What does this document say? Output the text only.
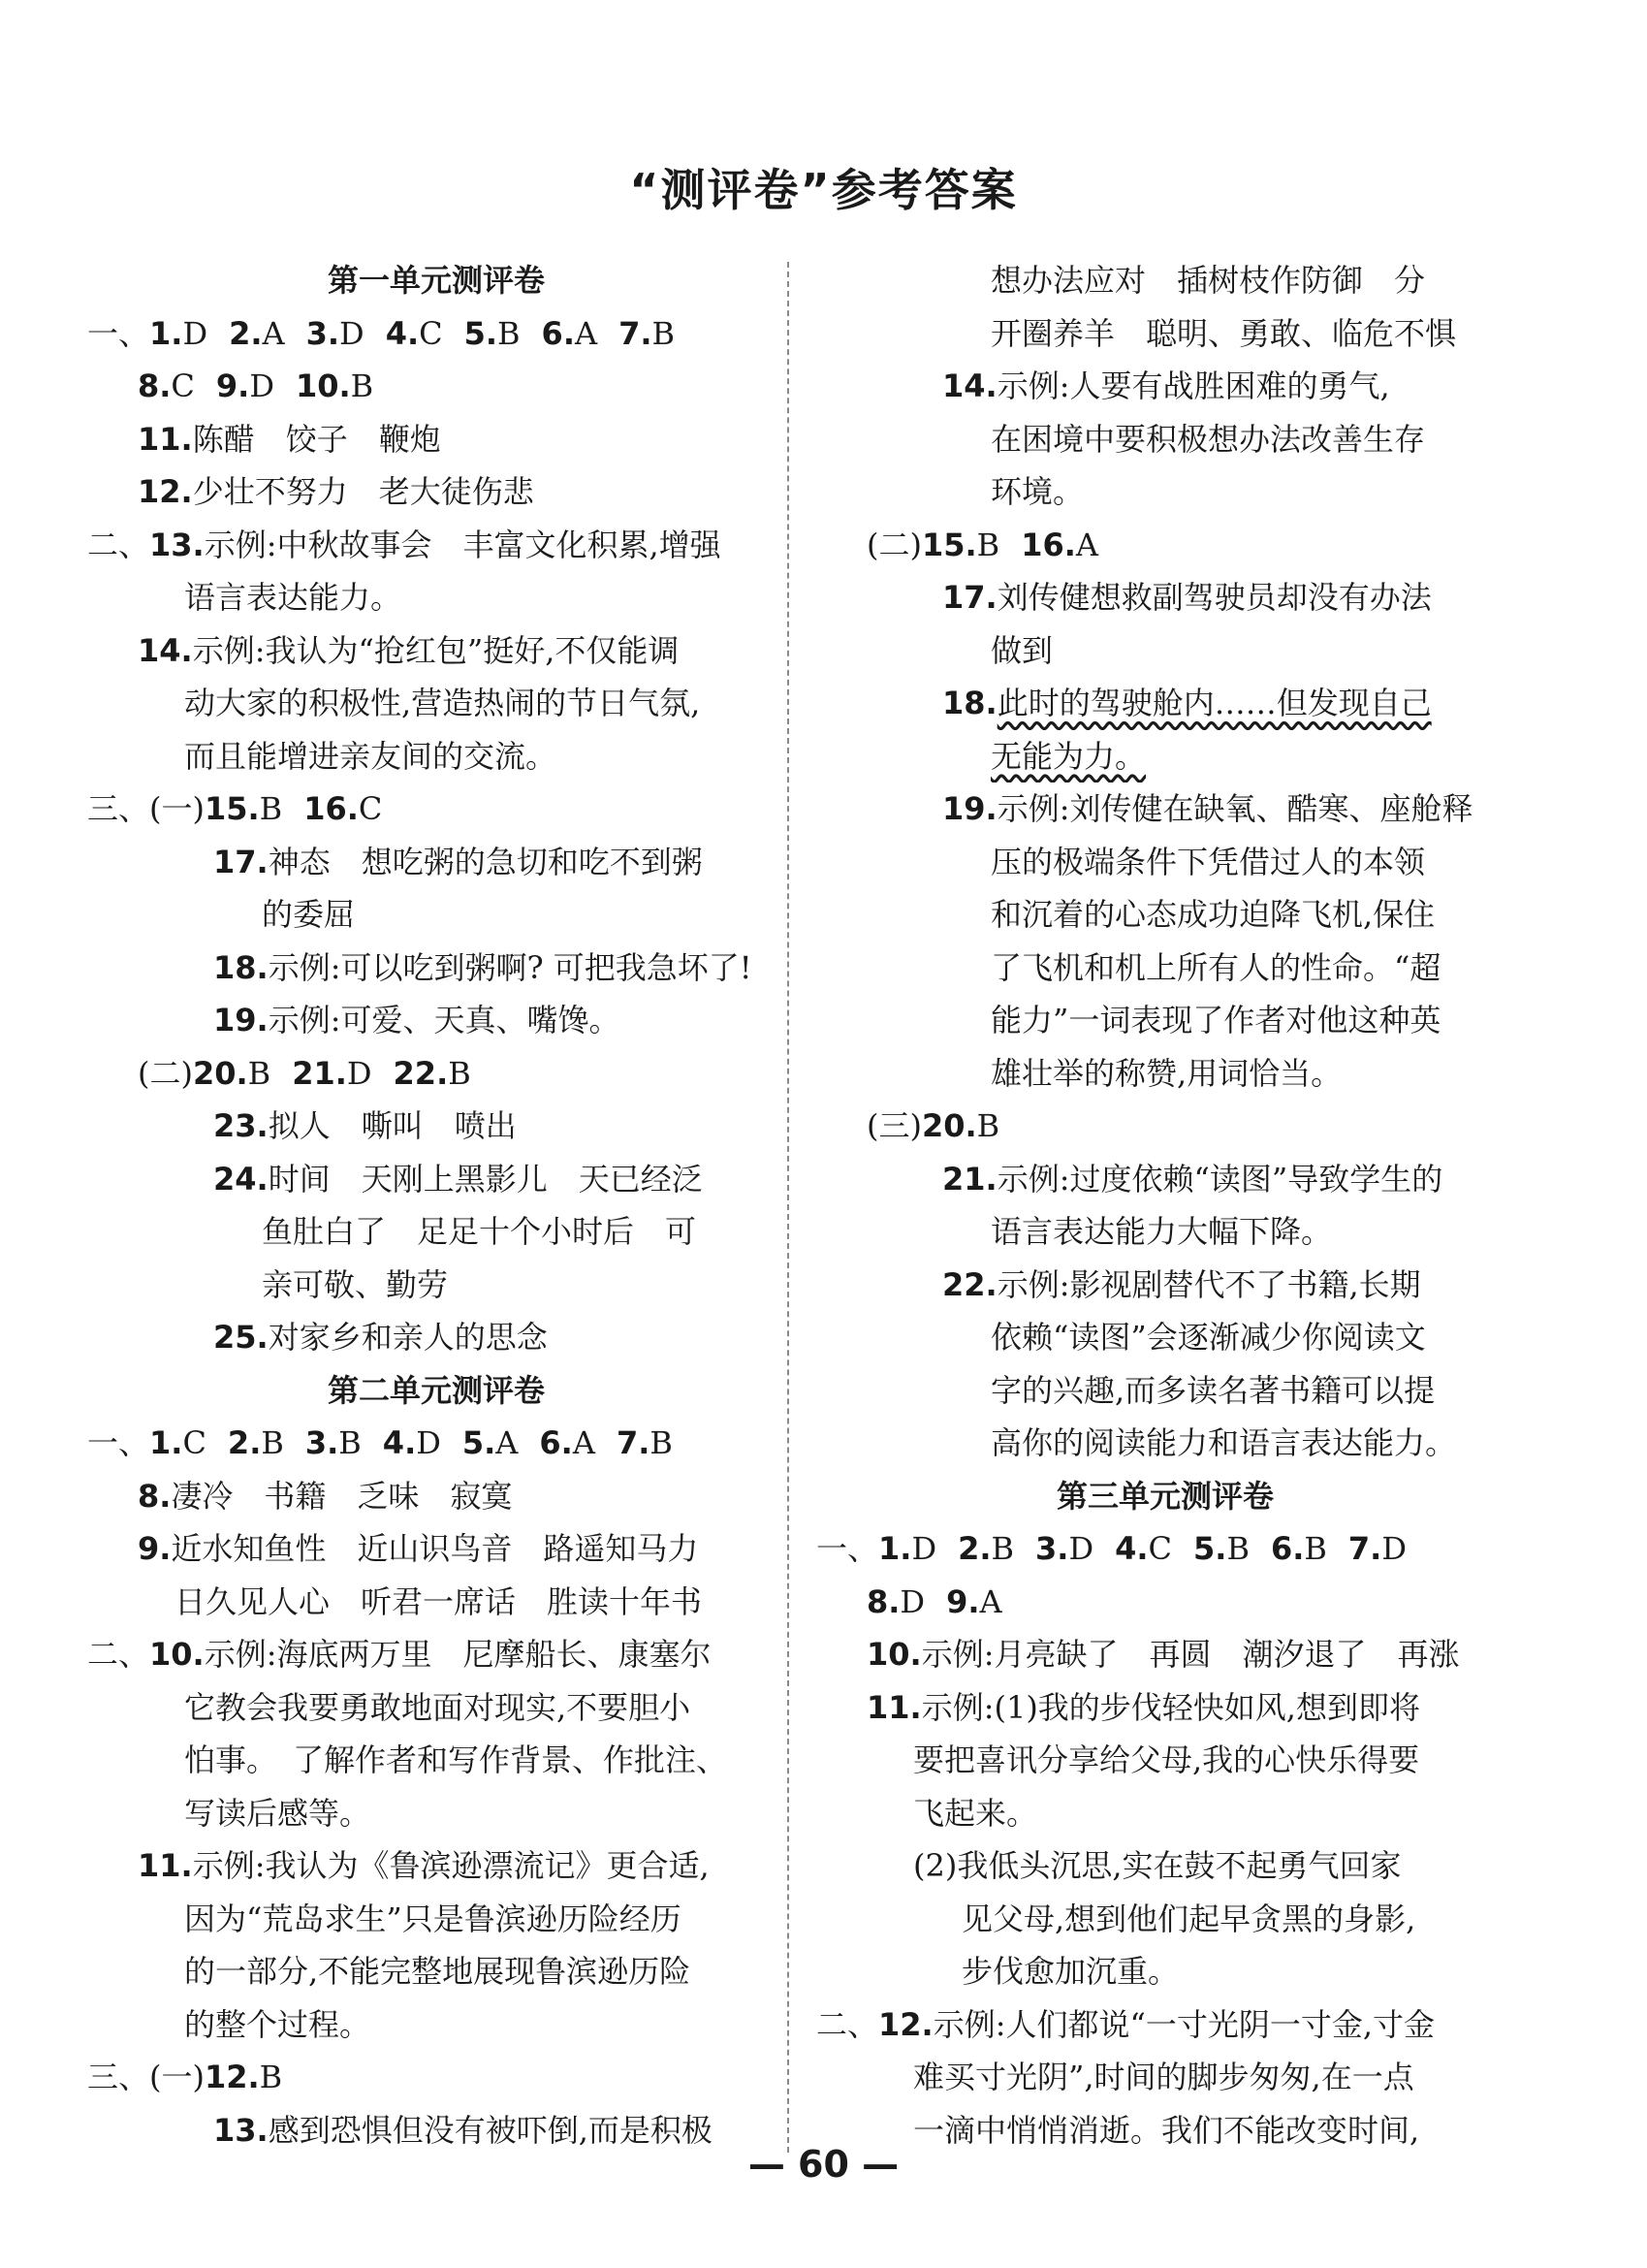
“测评卷”参考答案
第一单元测评卷
一、1.D 2.A 3.D 4.C 5.B 6.A 7.B
8.C 9.D 10.B
11.陈醋　饺子　鞭炮
12.少壮不努力　老大徒伤悲
二、13.示例:中秋故事会　丰富文化积累,增强
语言表达能力。
14.示例:我认为“抢红包”挺好,不仅能调
动大家的积极性,营造热闹的节日气氛,
而且能增进亲友间的交流。
三、(一)15.B 16.C
17.神态　想吃粥的急切和吃不到粥
的委屈
18.示例:可以吃到粥啊? 可把我急坏了!
19.示例:可爱、天真、嘴馋。
(二)20.B 21.D 22.B
23.拟人　嘶叫　喷出
24.时间　天刚上黑影儿　天已经泛
鱼肚白了　足足十个小时后　可
亲可敬、勤劳
25.对家乡和亲人的思念
第二单元测评卷
一、1.C 2.B 3.B 4.D 5.A 6.A 7.B
8.凄冷　书籍　乏味　寂寞
9.近水知鱼性　近山识鸟音　路遥知马力
日久见人心　听君一席话　胜读十年书
二、10.示例:海底两万里　尼摩船长、康塞尔
它教会我要勇敢地面对现实,不要胆小
怕事。　了解作者和写作背景、作批注、
写读后感等。
11.示例:我认为《鲁滨逊漂流记》更合适,
因为“荒岛求生”只是鲁滨逊历险经历
的一部分,不能完整地展现鲁滨逊历险
的整个过程。
三、(一)12.B
13.感到恐惧但没有被吓倒,而是积极
想办法应对　插树枝作防御　分
开圈养羊　聪明、勇敢、临危不惧
14.示例:人要有战胜困难的勇气,
在困境中要积极想办法改善生存
环境。
(二)15.B 16.A
17.刘传健想救副驾驶员却没有办法
做到
18.此时的驾驶舱内……但发现自己
无能为力。
19.示例:刘传健在缺氧、酷寒、座舱释
压的极端条件下凭借过人的本领
和沉着的心态成功迫降飞机,保住
了飞机和机上所有人的性命。“超
能力”一词表现了作者对他这种英
雄壮举的称赞,用词恰当。
(三)20.B
21.示例:过度依赖“读图”导致学生的
语言表达能力大幅下降。
22.示例:影视剧替代不了书籍,长期
依赖“读图”会逐渐减少你阅读文
字的兴趣,而多读名著书籍可以提
高你的阅读能力和语言表达能力。
第三单元测评卷
一、1.D 2.B 3.D 4.C 5.B 6.B 7.D
8.D 9.A
10.示例:月亮缺了　再圆　潮汐退了　再涨
11.示例:(1)我的步伐轻快如风,想到即将
要把喜讯分享给父母,我的心快乐得要
飞起来。
(2)我低头沉思,实在鼓不起勇气回家
见父母,想到他们起早贪黑的身影,
步伐愈加沉重。
二、12.示例:人们都说“一寸光阴一寸金,寸金
难买寸光阴”,时间的脚步匆匆,在一点
一滴中悄悄消逝。我们不能改变时间,
— 60 —
